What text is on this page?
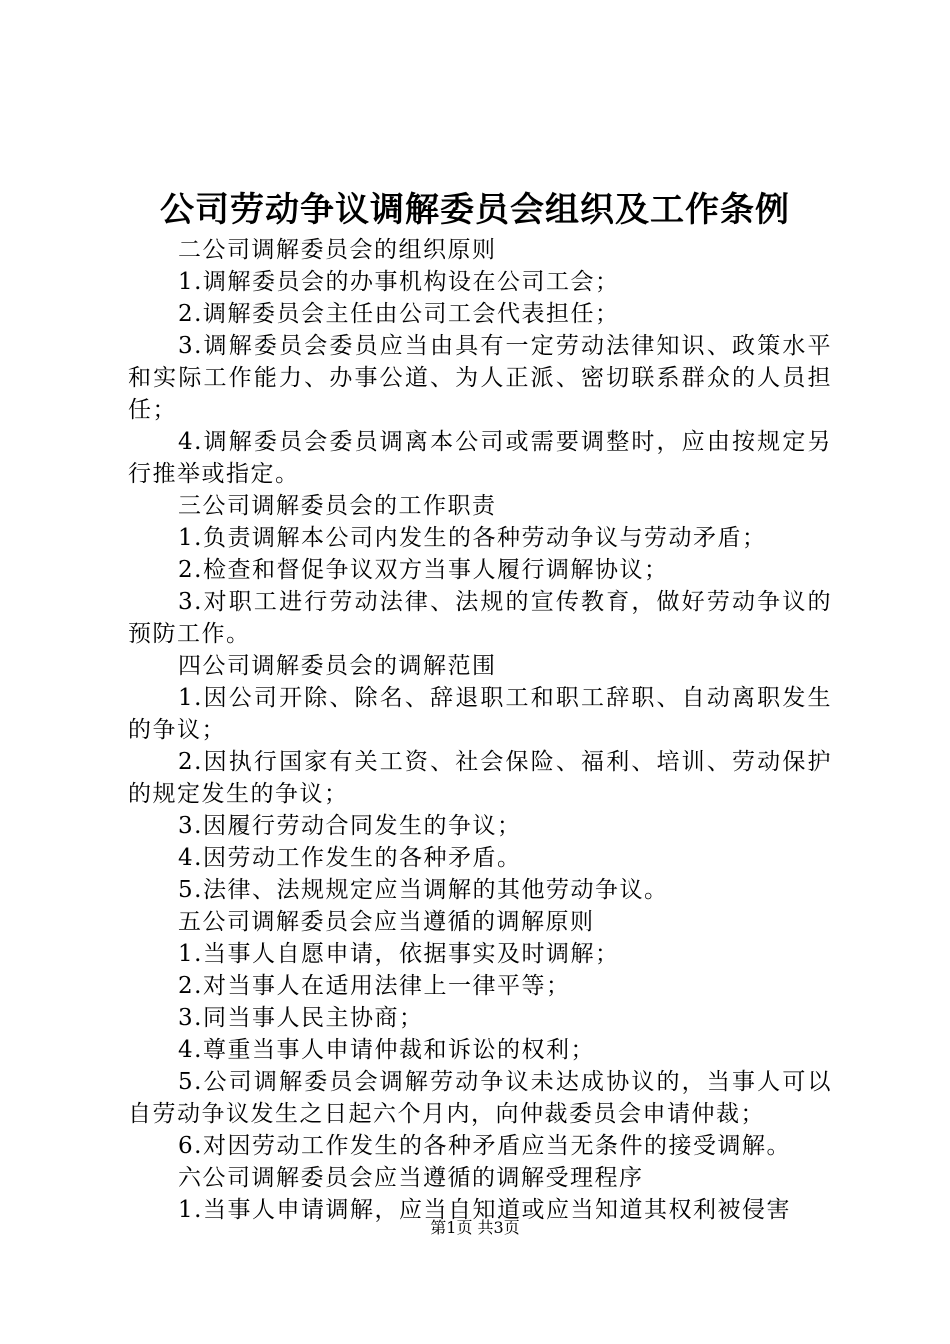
公司劳动争议调解委员会组织及工作条例

二公司调解委员会的组织原则

1.调解委员会的办事机构设在公司工会；

2.调解委员会主任由公司工会代表担任；

3.调解委员会委员应当由具有一定劳动法律知识、政策水平和实际工作能力、办事公道、为人正派、密切联系群众的人员担任；

4.调解委员会委员调离本公司或需要调整时，应由按规定另行推举或指定。

三公司调解委员会的工作职责

1.负责调解本公司内发生的各种劳动争议与劳动矛盾；

2.检查和督促争议双方当事人履行调解协议；

3.对职工进行劳动法律、法规的宣传教育，做好劳动争议的预防工作。

四公司调解委员会的调解范围

1.因公司开除、除名、辞退职工和职工辞职、自动离职发生的争议；

2.因执行国家有关工资、社会保险、福利、培训、劳动保护的规定发生的争议；

3.因履行劳动合同发生的争议；

4.因劳动工作发生的各种矛盾。

5.法律、法规规定应当调解的其他劳动争议。

五公司调解委员会应当遵循的调解原则

1.当事人自愿申请，依据事实及时调解；

2.对当事人在适用法律上一律平等；

3.同当事人民主协商；

4.尊重当事人申请仲裁和诉讼的权利；

5.公司调解委员会调解劳动争议未达成协议的，当事人可以自劳动争议发生之日起六个月内，向仲裁委员会申请仲裁；

6.对因劳动工作发生的各种矛盾应当无条件的接受调解。

六公司调解委员会应当遵循的调解受理程序

1.当事人申请调解，应当自知道或应当知道其权利被侵害

第1页 共3页
